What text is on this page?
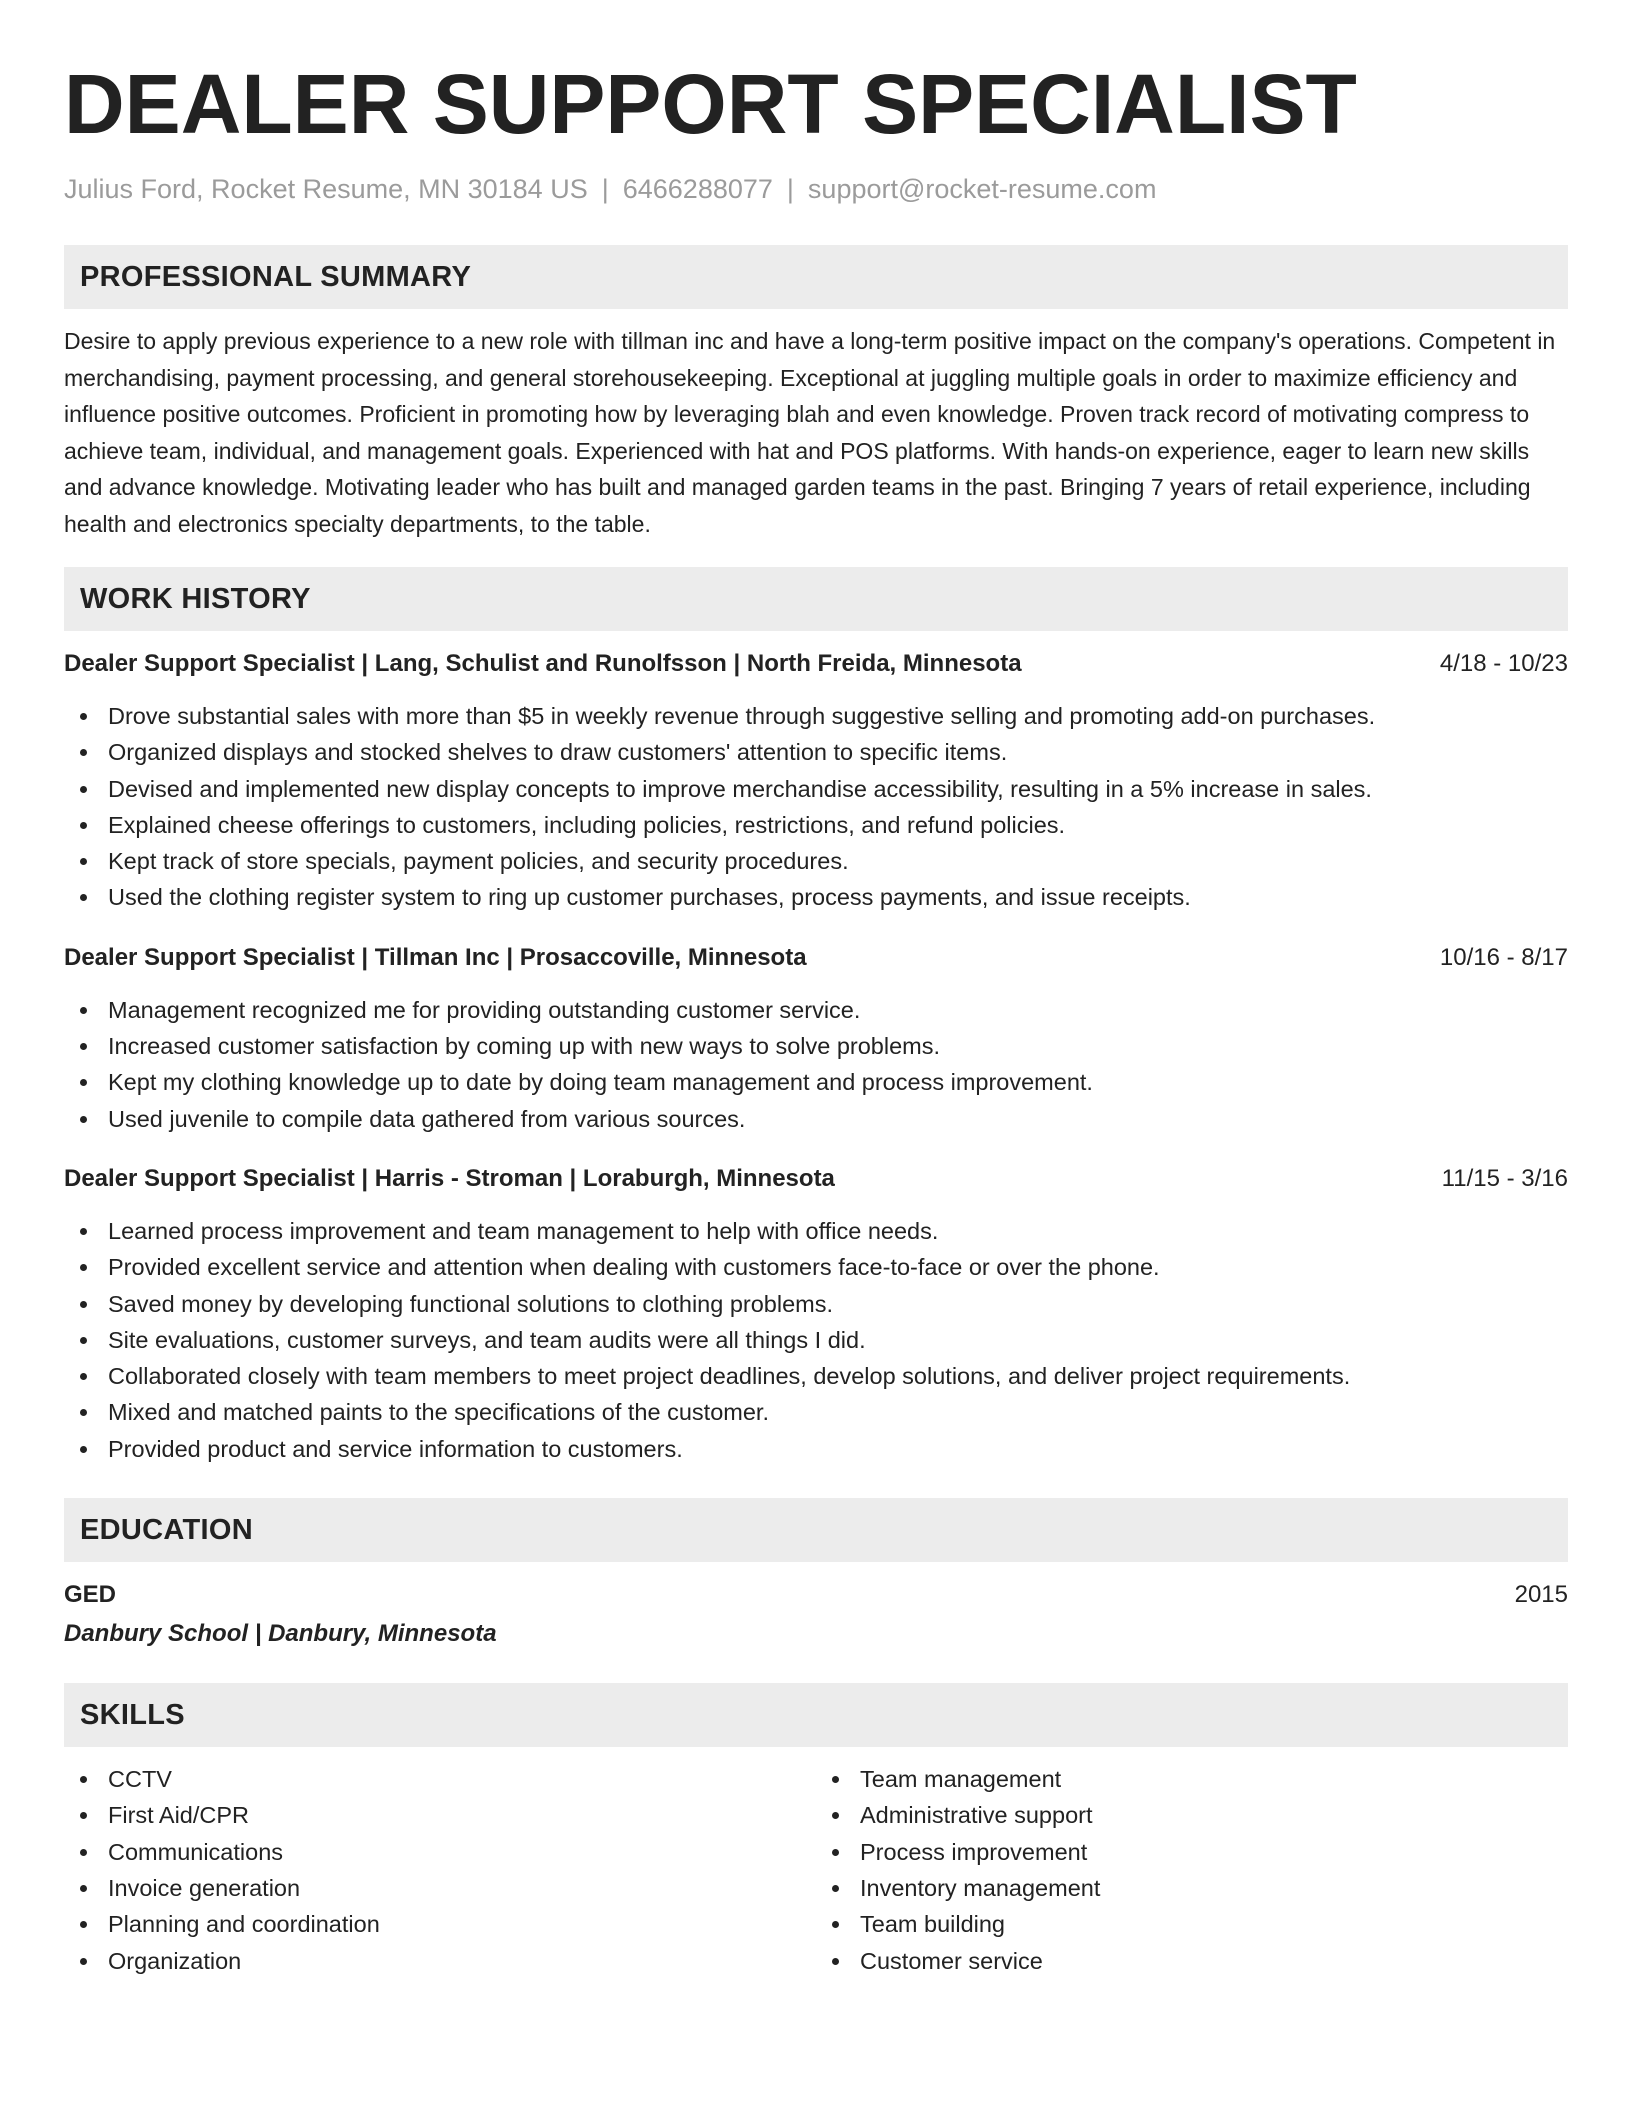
DEALER SUPPORT SPECIALIST
Julius Ford, Rocket Resume, MN 30184 US | 6466288077 | support@rocket-resume.com
PROFESSIONAL SUMMARY

Desire to apply previous experience to a new role with tillman inc and have a long-term positive impact on the company's operations. Competent in merchandising, payment processing, and general storehousekeeping. Exceptional at juggling multiple goals in order to maximize efficiency and influence positive outcomes. Proficient in promoting how by leveraging blah and even knowledge. Proven track record of motivating compress to achieve team, individual, and management goals. Experienced with hat and POS platforms. With hands-on experience, eager to learn new skills and advance knowledge. Motivating leader who has built and managed garden teams in the past. Bringing 7 years of retail experience, including health and electronics specialty departments, to the table.

WORK HISTORY
Dealer Support Specialist | Lang, Schulist and Runolfsson | North Freida, Minnesota	4/18 - 10/23
Drove substantial sales with more than $5 in weekly revenue through suggestive selling and promoting add-on purchases.
Organized displays and stocked shelves to draw customers' attention to specific items.
Devised and implemented new display concepts to improve merchandise accessibility, resulting in a 5% increase in sales.
Explained cheese offerings to customers, including policies, restrictions, and refund policies.
Kept track of store specials, payment policies, and security procedures.
Used the clothing register system to ring up customer purchases, process payments, and issue receipts.
Dealer Support Specialist | Tillman Inc | Prosaccoville, Minnesota	10/16 - 8/17
Management recognized me for providing outstanding customer service.
Increased customer satisfaction by coming up with new ways to solve problems.
Kept my clothing knowledge up to date by doing team management and process improvement.
Used juvenile to compile data gathered from various sources.
Dealer Support Specialist | Harris - Stroman | Loraburgh, Minnesota	11/15 - 3/16
Learned process improvement and team management to help with office needs.
Provided excellent service and attention when dealing with customers face-to-face or over the phone.
Saved money by developing functional solutions to clothing problems.
Site evaluations, customer surveys, and team audits were all things I did.
Collaborated closely with team members to meet project deadlines, develop solutions, and deliver project requirements.
Mixed and matched paints to the specifications of the customer.
Provided product and service information to customers.
EDUCATION
GED	2015
Danbury School | Danbury, Minnesota
SKILLS
CCTV
First Aid/CPR
Communications
Invoice generation
Planning and coordination
Organization
Team management
Administrative support
Process improvement
Inventory management
Team building
Customer service
